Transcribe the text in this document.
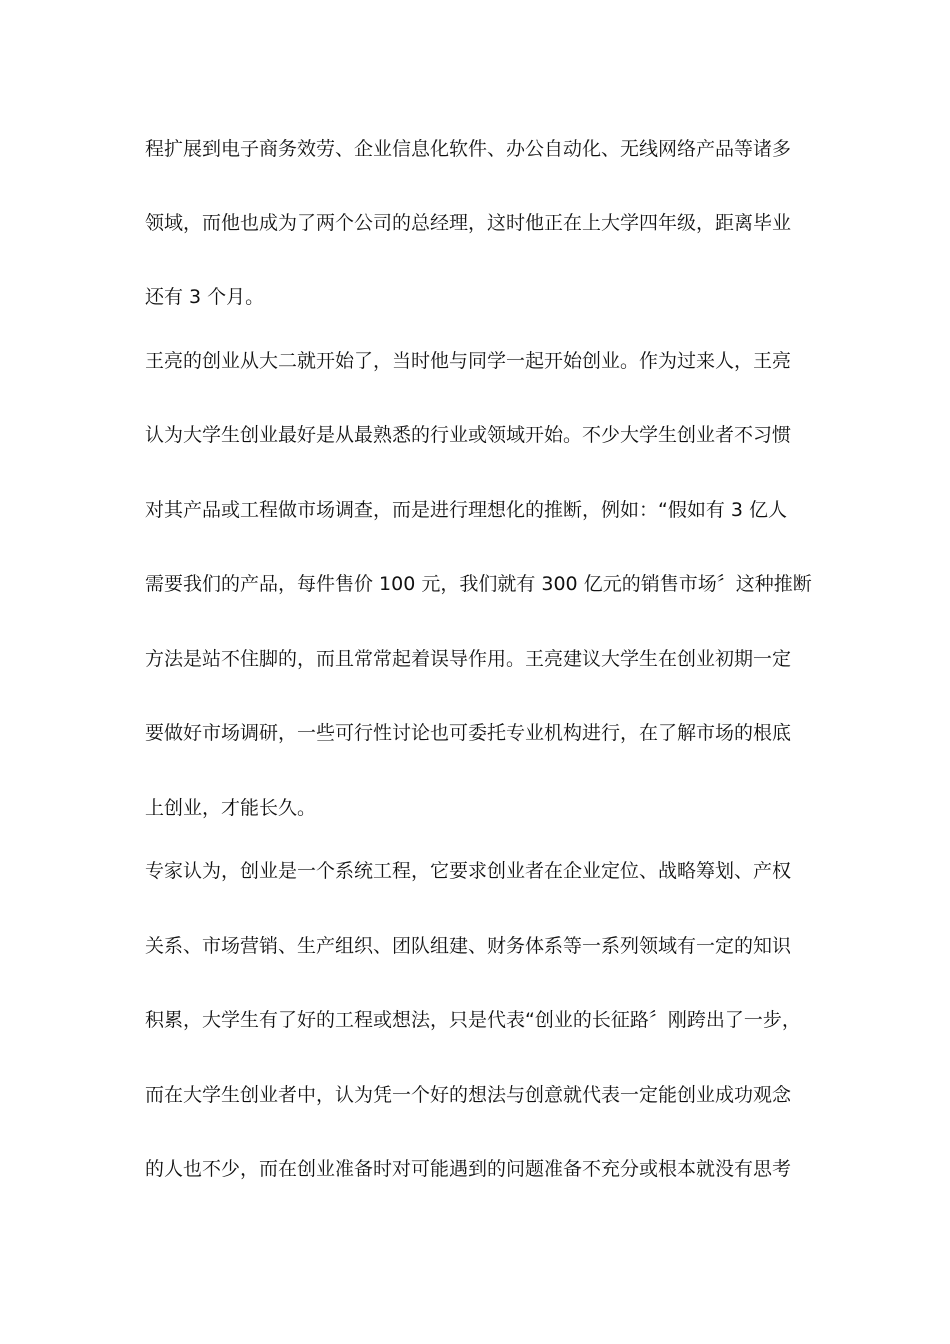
程扩展到电子商务效劳、企业信息化软件、办公自动化、无线网络产品等诸多

领域，而他也成为了两个公司的总经理，这时他正在上大学四年级，距离毕业

还有 3 个月。

王亮的创业从大二就开始了，当时他与同学一起开始创业。作为过来人，王亮

认为大学生创业最好是从最熟悉的行业或领域开始。不少大学生创业者不习惯

对其产品或工程做市场调查，而是进行理想化的推断，例如：“假如有 3 亿人

需要我们的产品，每件售价 100 元，我们就有 300 亿元的销售市场〞这种推断

方法是站不住脚的，而且常常起着误导作用。王亮建议大学生在创业初期一定

要做好市场调研，一些可行性讨论也可委托专业机构进行，在了解市场的根底

上创业，才能长久。

专家认为，创业是一个系统工程，它要求创业者在企业定位、战略筹划、产权

关系、市场营销、生产组织、团队组建、财务体系等一系列领域有一定的知识

积累，大学生有了好的工程或想法，只是代表“创业的长征路〞刚跨出了一步，

而在大学生创业者中，认为凭一个好的想法与创意就代表一定能创业成功观念

的人也不少，而在创业准备时对可能遇到的问题准备不充分或根本就没有思考
